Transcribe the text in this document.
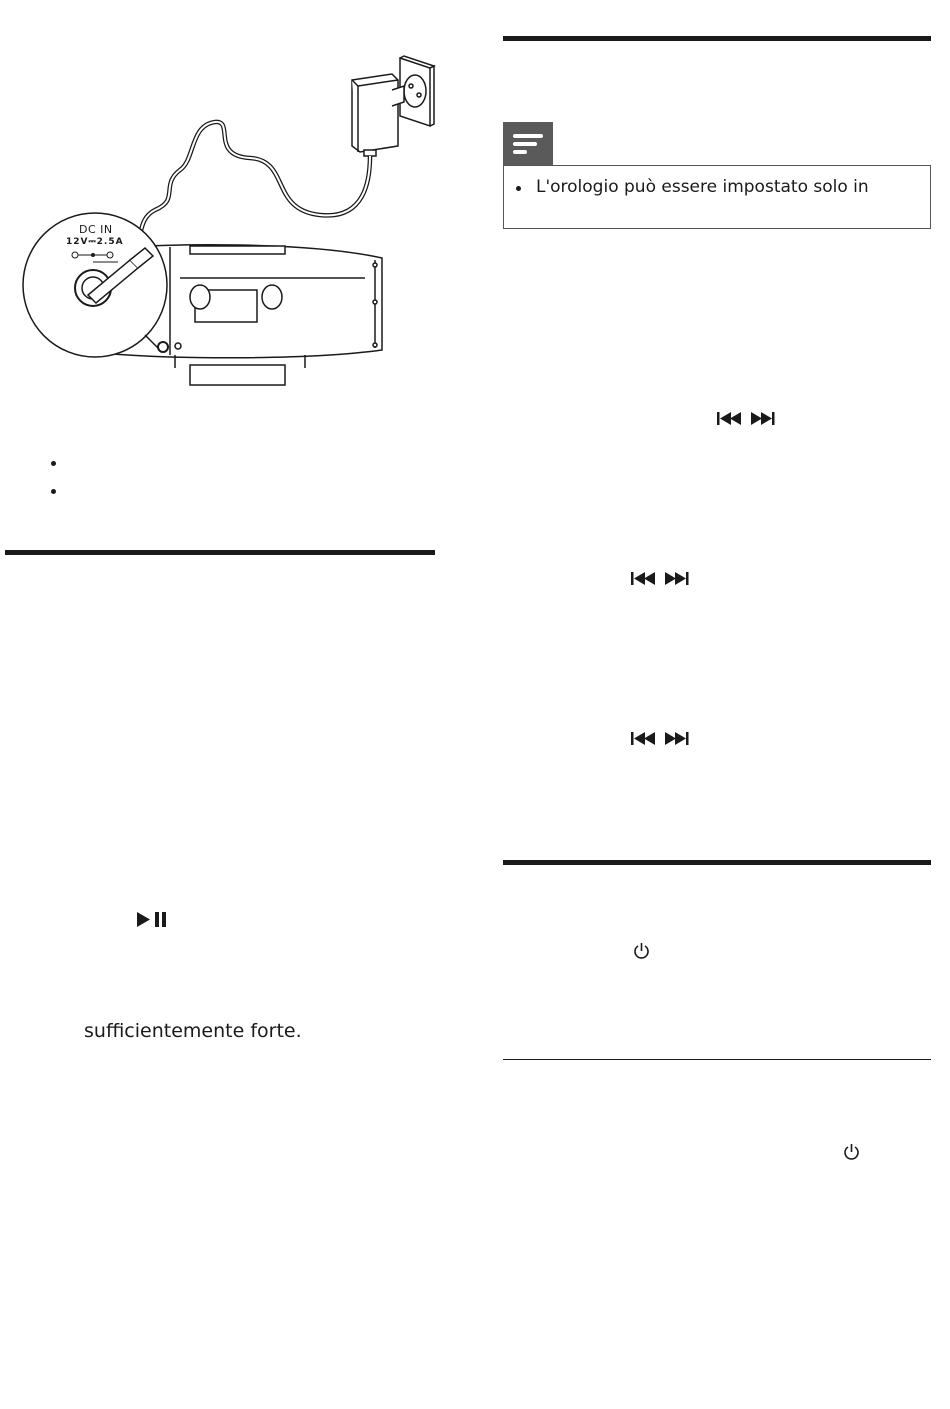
DC IN
12V⎓2.5A
sufficientemente forte.
L'orologio può essere impostato solo in
